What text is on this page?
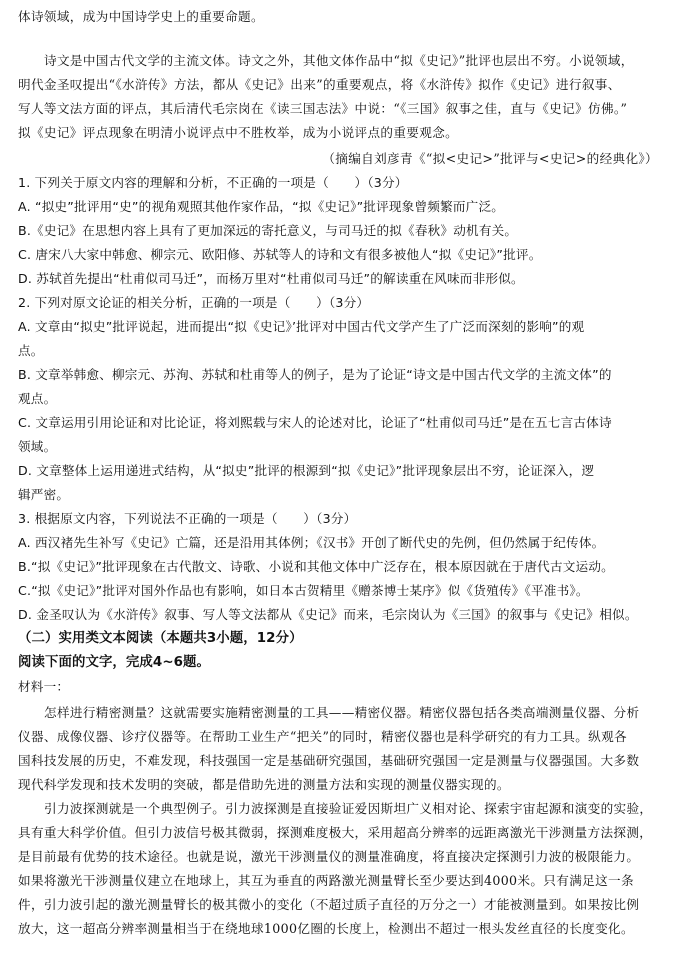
体诗领域，成为中国诗学史上的重要命题。
诗文是中国古代文学的主流文体。诗文之外，其他文体作品中“拟《史记》”批评也层出不穷。小说领域，
明代金圣叹提出“《水浒传》方法，都从《史记》出来”的重要观点，将《水浒传》拟作《史记》进行叙事、
写人等文法方面的评点，其后清代毛宗岗在《读三国志法》中说：“《三国》叙事之佳，直与《史记》仿佛。”
拟《史记》评点现象在明清小说评点中不胜枚举，成为小说评点的重要观念。
（摘编自刘彦青《“拟<史记>”批评与<史记>的经典化》）
1. 下列关于原文内容的理解和分析，不正确的一项是（　　）（3分）
A. “拟史”批评用“史”的视角观照其他作家作品，“拟《史记》”批评现象曾频繁而广泛。
B.《史记》在思想内容上具有了更加深远的寄托意义，与司马迁的拟《春秋》动机有关。
C. 唐宋八大家中韩愈、柳宗元、欧阳修、苏轼等人的诗和文有很多被他人“拟《史记》”批评。
D. 苏轼首先提出“杜甫似司马迁”，而杨万里对“杜甫似司马迁”的解读重在风味而非形似。
2. 下列对原文论证的相关分析，正确的一项是（　　）（3分）
A. 文章由“拟史”批评说起，进而提出“拟《史记》’批评对中国古代文学产生了广泛而深刻的影响”的观
点。
B. 文章举韩愈、柳宗元、苏洵、苏轼和杜甫等人的例子，是为了论证“诗文是中国古代文学的主流文体”的
观点。
C. 文章运用引用论证和对比论证，将刘熙载与宋人的论述对比，论证了“杜甫似司马迁”是在五七言古体诗
领域。
D. 文章整体上运用递进式结构，从“拟史”批评的根源到“拟《史记》”批评现象层出不穷，论证深入，逻
辑严密。
3. 根据原文内容，下列说法不正确的一项是（　　）（3分）
A. 西汉褚先生补写《史记》亡篇，还是沿用其体例；《汉书》开创了断代史的先例，但仍然属于纪传体。
B.“拟《史记》”批评现象在古代散文、诗歌、小说和其他文体中广泛存在，根本原因就在于唐代古文运动。
C.“拟《史记》”批评对国外作品也有影响，如日本古贺精里《赠茶博士某序》似《货殖传》《平准书》。
D. 金圣叹认为《水浒传》叙事、写人等文法都从《史记》而来，毛宗岗认为《三国》的叙事与《史记》相似。
（二）实用类文本阅读（本题共3小题，12分）
阅读下面的文字，完成4~6题。
材料一：
怎样进行精密测量？这就需要实施精密测量的工具——精密仪器。精密仪器包括各类高端测量仪器、分析
仪器、成像仪器、诊疗仪器等。在帮助工业生产“把关”的同时，精密仪器也是科学研究的有力工具。纵观各
国科技发展的历史，不难发现，科技强国一定是基础研究强国，基础研究强国一定是测量与仪器强国。大多数
现代科学发现和技术发明的突破，都是借助先进的测量方法和实现的测量仪器实现的。
引力波探测就是一个典型例子。引力波探测是直接验证爱因斯坦广义相对论、探索宇宙起源和演变的实验，
具有重大科学价值。但引力波信号极其微弱，探测难度极大，采用超高分辨率的远距离激光干涉测量方法探测，
是目前最有优势的技术途径。也就是说，激光干涉测量仪的测量准确度，将直接决定探测引力波的极限能力。
如果将激光干涉测量仪建立在地球上，其互为垂直的两路激光测量臂长至少要达到4000米。只有满足这一条
件，引力波引起的激光测量臂长的极其微小的变化（不超过质子直径的万分之一）才能被测量到。如果按比例
放大，这一超高分辨率测量相当于在绕地球1000亿圈的长度上，检测出不超过一根头发丝直径的长度变化。
